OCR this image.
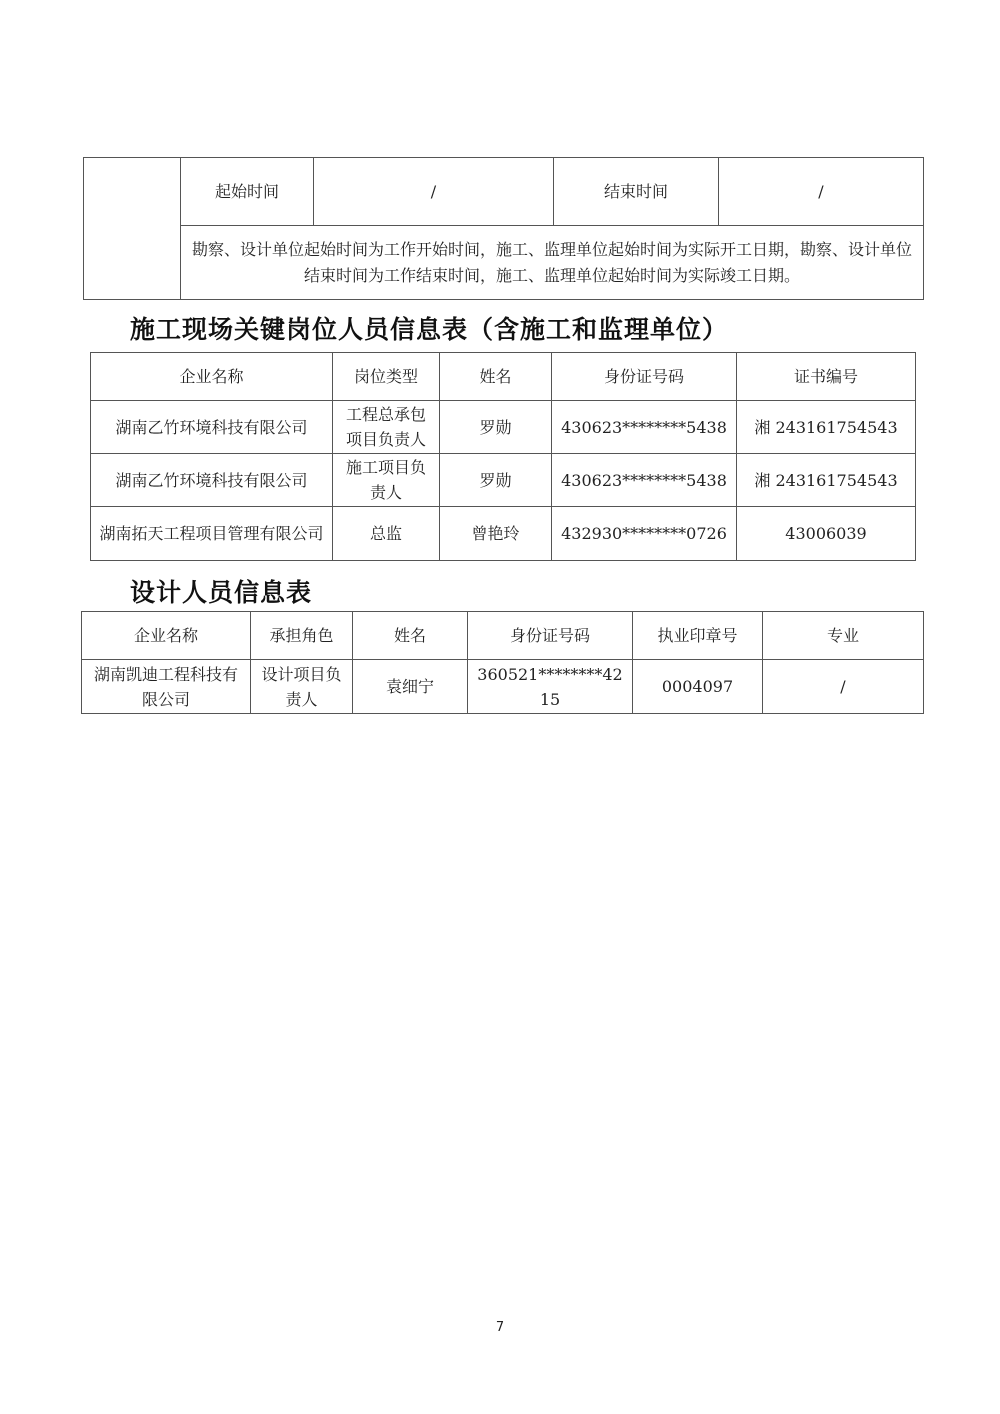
	起始时间	/	结束时间	/
勘察、设计单位起始时间为工作开始时间，施工、监理单位起始时间为实际开工日期，勘察、设计单位结束时间为工作结束时间，施工、监理单位起始时间为实际竣工日期。
施工现场关键岗位人员信息表（含施工和监理单位）
企业名称	岗位类型	姓名	身份证号码	证书编号
湖南乙竹环境科技有限公司	工程总承包项目负责人	罗勋	430623********5438	湘 243161754543
湖南乙竹环境科技有限公司	施工项目负责人	罗勋	430623********5438	湘 243161754543
湖南拓天工程项目管理有限公司	总监	曾艳玲	432930********0726	43006039
设计人员信息表
企业名称	承担角色	姓名	身份证号码	执业印章号	专业
湖南凯迪工程科技有限公司	设计项目负责人	袁细宁	360521********4215	0004097	/
7
